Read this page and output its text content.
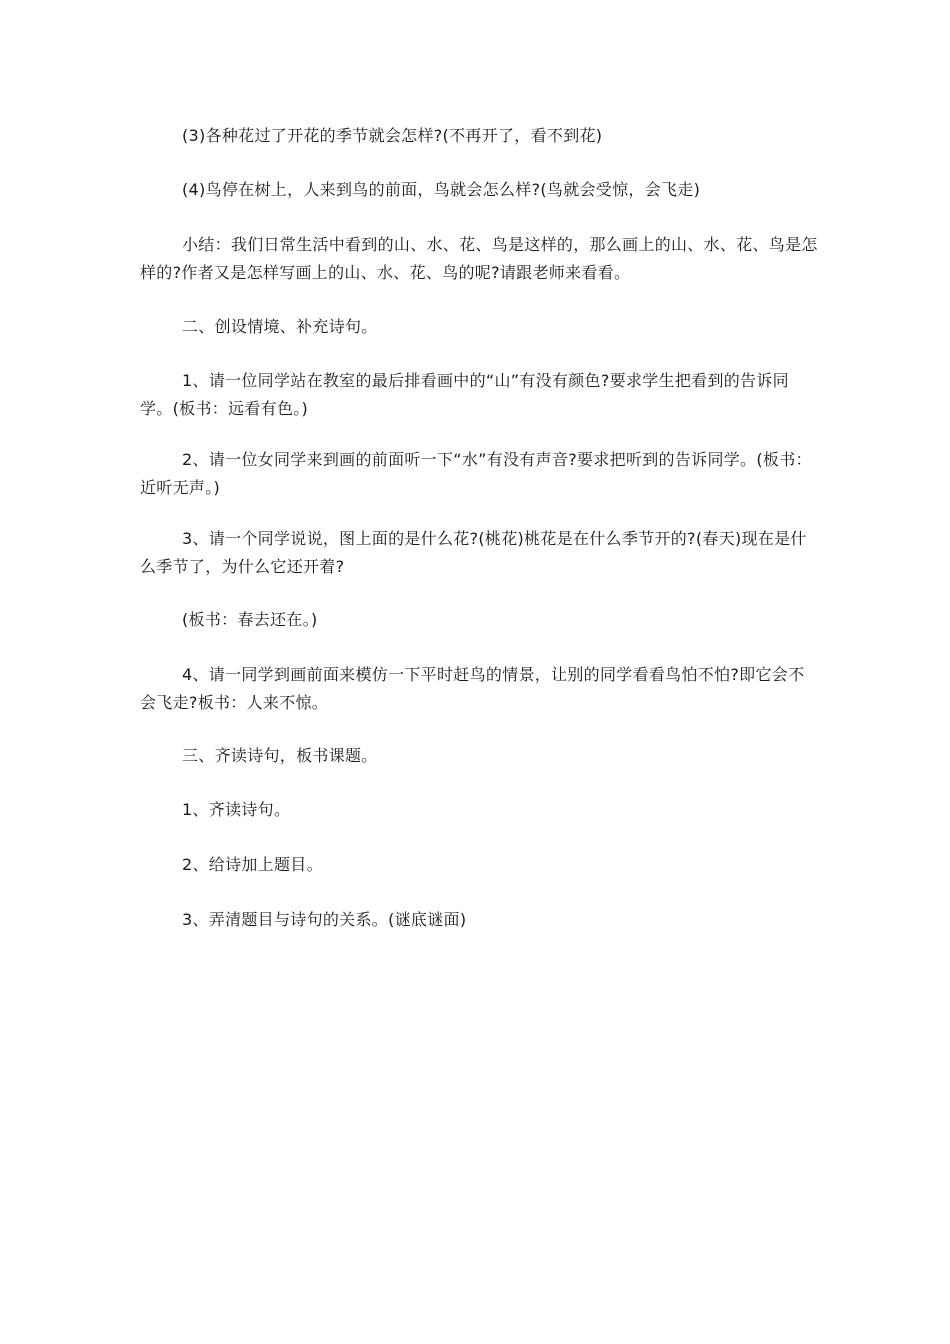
(3)各种花过了开花的季节就会怎样?(不再开了，看不到花)

(4)鸟停在树上，人来到鸟的前面，鸟就会怎么样?(鸟就会受惊，会飞走)

小结：我们日常生活中看到的山、水、花、鸟是这样的，那么画上的山、水、花、鸟是怎样的?作者又是怎样写画上的山、水、花、鸟的呢?请跟老师来看看。

二、创设情境、补充诗句。

1、请一位同学站在教室的最后排看画中的“山”有没有颜色?要求学生把看到的告诉同学。(板书：远看有色。)

2、请一位女同学来到画的前面听一下“水”有没有声音?要求把听到的告诉同学。(板书：近听无声。)

3、请一个同学说说，图上面的是什么花?(桃花)桃花是在什么季节开的?(春天)现在是什么季节了，为什么它还开着?

(板书：春去还在。)

4、请一同学到画前面来模仿一下平时赶鸟的情景，让别的同学看看鸟怕不怕?即它会不会飞走?板书：人来不惊。

三、齐读诗句，板书课题。

1、齐读诗句。

2、给诗加上题目。

3、弄清题目与诗句的关系。(谜底谜面)
